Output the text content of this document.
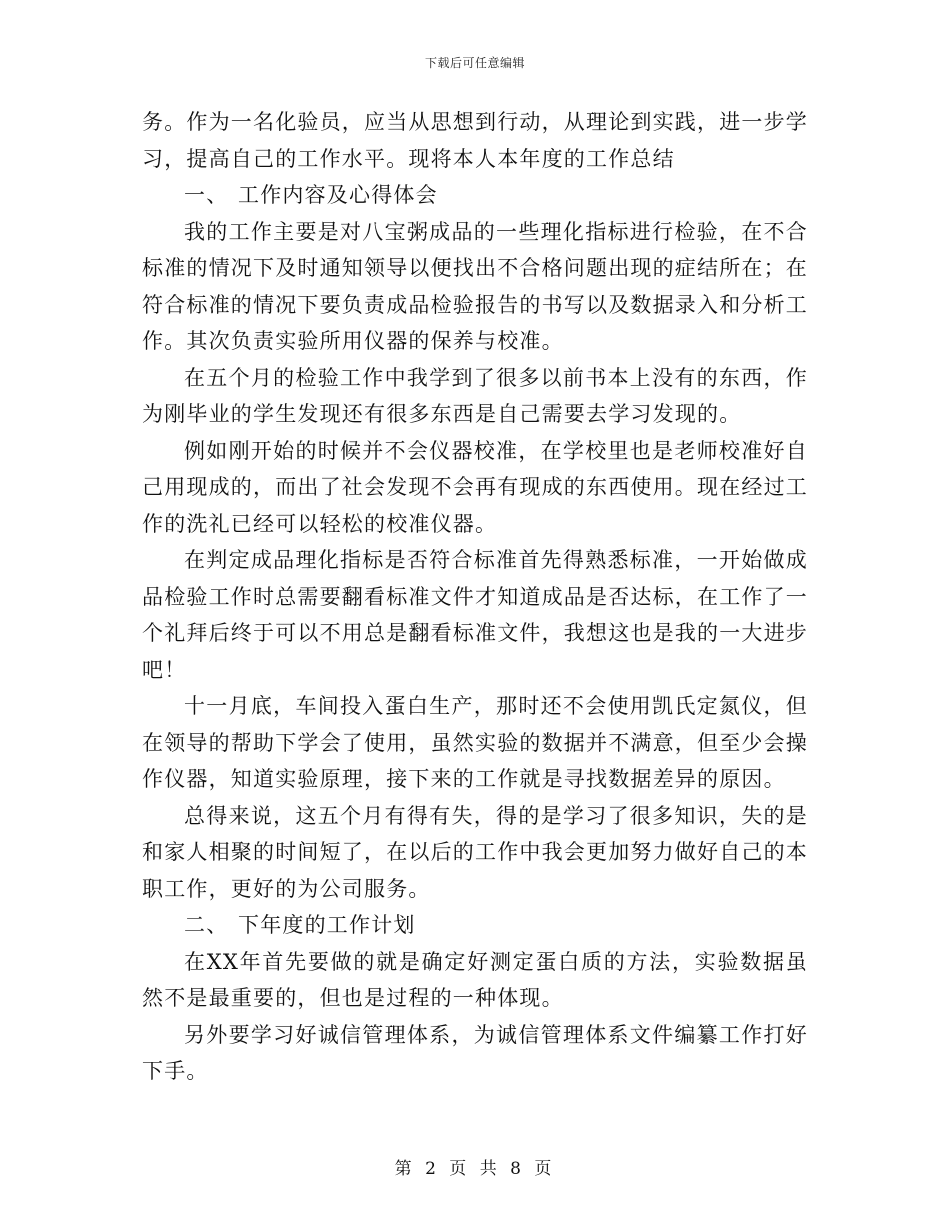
下载后可任意编辑

务。作为一名化验员，应当从思想到行动，从理论到实践，进一步学习，提高自己的工作水平。现将本人本年度的工作总结

一、 工作内容及心得体会

我的工作主要是对八宝粥成品的一些理化指标进行检验，在不合标准的情况下及时通知领导以便找出不合格问题出现的症结所在；在符合标准的情况下要负责成品检验报告的书写以及数据录入和分析工作。其次负责实验所用仪器的保养与校准。

在五个月的检验工作中我学到了很多以前书本上没有的东西，作为刚毕业的学生发现还有很多东西是自己需要去学习发现的。

例如刚开始的时候并不会仪器校准，在学校里也是老师校准好自己用现成的，而出了社会发现不会再有现成的东西使用。现在经过工作的洗礼已经可以轻松的校准仪器。

在判定成品理化指标是否符合标准首先得熟悉标准，一开始做成品检验工作时总需要翻看标准文件才知道成品是否达标，在工作了一个礼拜后终于可以不用总是翻看标准文件，我想这也是我的一大进步吧！

十一月底，车间投入蛋白生产，那时还不会使用凯氏定氮仪，但在领导的帮助下学会了使用，虽然实验的数据并不满意，但至少会操作仪器，知道实验原理，接下来的工作就是寻找数据差异的原因。

总得来说，这五个月有得有失，得的是学习了很多知识，失的是和家人相聚的时间短了，在以后的工作中我会更加努力做好自己的本职工作，更好的为公司服务。

二、 下年度的工作计划

在XX年首先要做的就是确定好测定蛋白质的方法，实验数据虽然不是最重要的，但也是过程的一种体现。

另外要学习好诚信管理体系，为诚信管理体系文件编纂工作打好下手。

第 2 页 共 8 页
